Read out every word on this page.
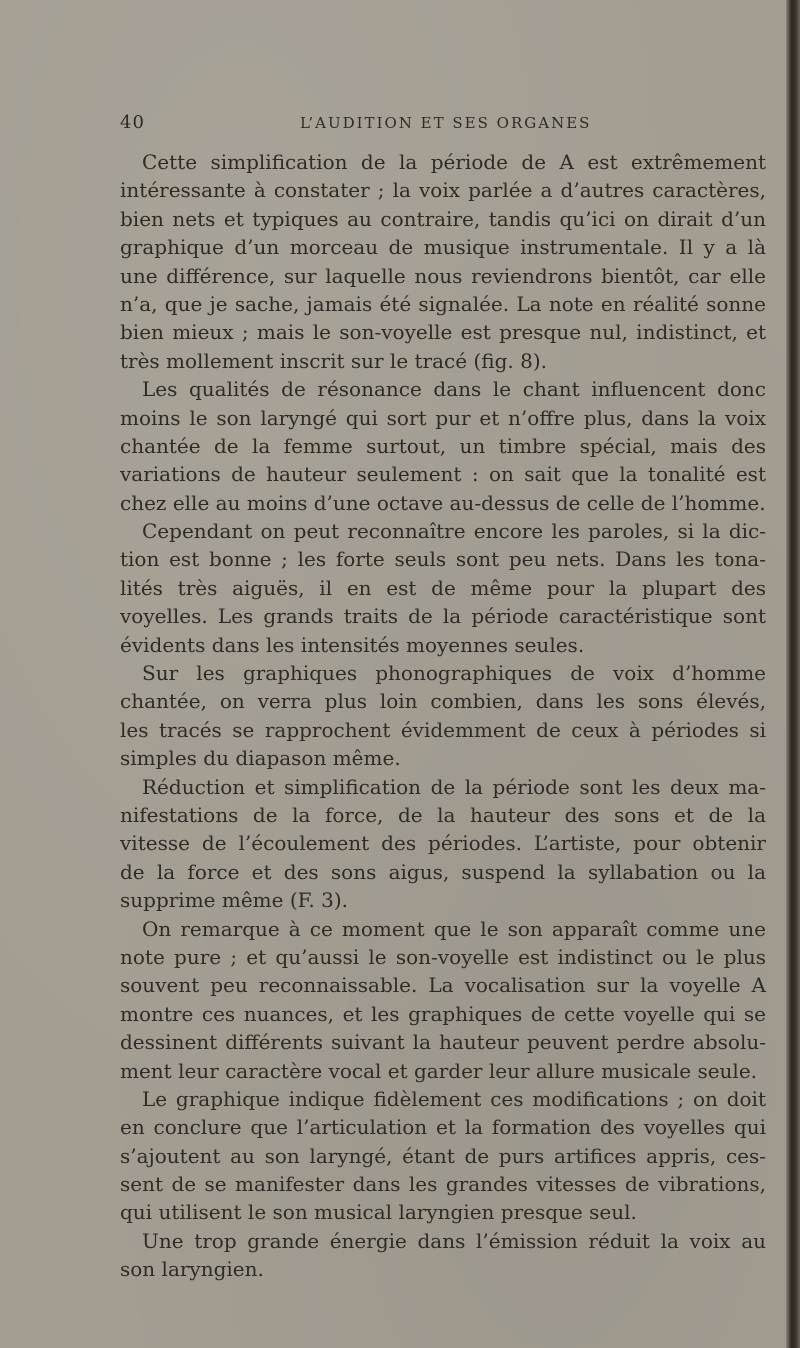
40	L’AUDITION ET SES ORGANES
Cette simplification de la période de A est extrêmement
intéressante à constater ; la voix parlée a d’autres caractères,
bien nets et typiques au contraire, tandis qu’ici on dirait d’un
graphique d’un morceau de musique instrumentale. Il y a là
une différence, sur laquelle nous reviendrons bientôt, car elle
n’a, que je sache, jamais été signalée. La note en réalité sonne
bien mieux ; mais le son-voyelle est presque nul, indistinct, et
très mollement inscrit sur le tracé (fig. 8).
Les qualités de résonance dans le chant influencent donc
moins le son laryngé qui sort pur et n’offre plus, dans la voix
chantée de la femme surtout, un timbre spécial, mais des
variations de hauteur seulement : on sait que la tonalité est
chez elle au moins d’une octave au-dessus de celle de l’homme.
Cependant on peut reconnaître encore les paroles, si la dic-
tion est bonne ; les forte seuls sont peu nets. Dans les tona-
lités très aiguës, il en est de même pour la plupart des
voyelles. Les grands traits de la période caractéristique sont
évidents dans les intensités moyennes seules.
Sur les graphiques phonographiques de voix d’homme
chantée, on verra plus loin combien, dans les sons élevés,
les tracés se rapprochent évidemment de ceux à périodes si
simples du diapason même.
Réduction et simplification de la période sont les deux ma-
nifestations de la force, de la hauteur des sons et de la
vitesse de l’écoulement des périodes. L’artiste, pour obtenir
de la force et des sons aigus, suspend la syllabation ou la
supprime même (F. 3).
On remarque à ce moment que le son apparaît comme une
note pure ; et qu’aussi le son-voyelle est indistinct ou le plus
souvent peu reconnaissable. La vocalisation sur la voyelle A
montre ces nuances, et les graphiques de cette voyelle qui se
dessinent différents suivant la hauteur peuvent perdre absolu-
ment leur caractère vocal et garder leur allure musicale seule.
Le graphique indique fidèlement ces modifications ; on doit
en conclure que l’articulation et la formation des voyelles qui
s’ajoutent au son laryngé, étant de purs artifices appris, ces-
sent de se manifester dans les grandes vitesses de vibrations,
qui utilisent le son musical laryngien presque seul.
Une trop grande énergie dans l’émission réduit la voix au
son laryngien.
